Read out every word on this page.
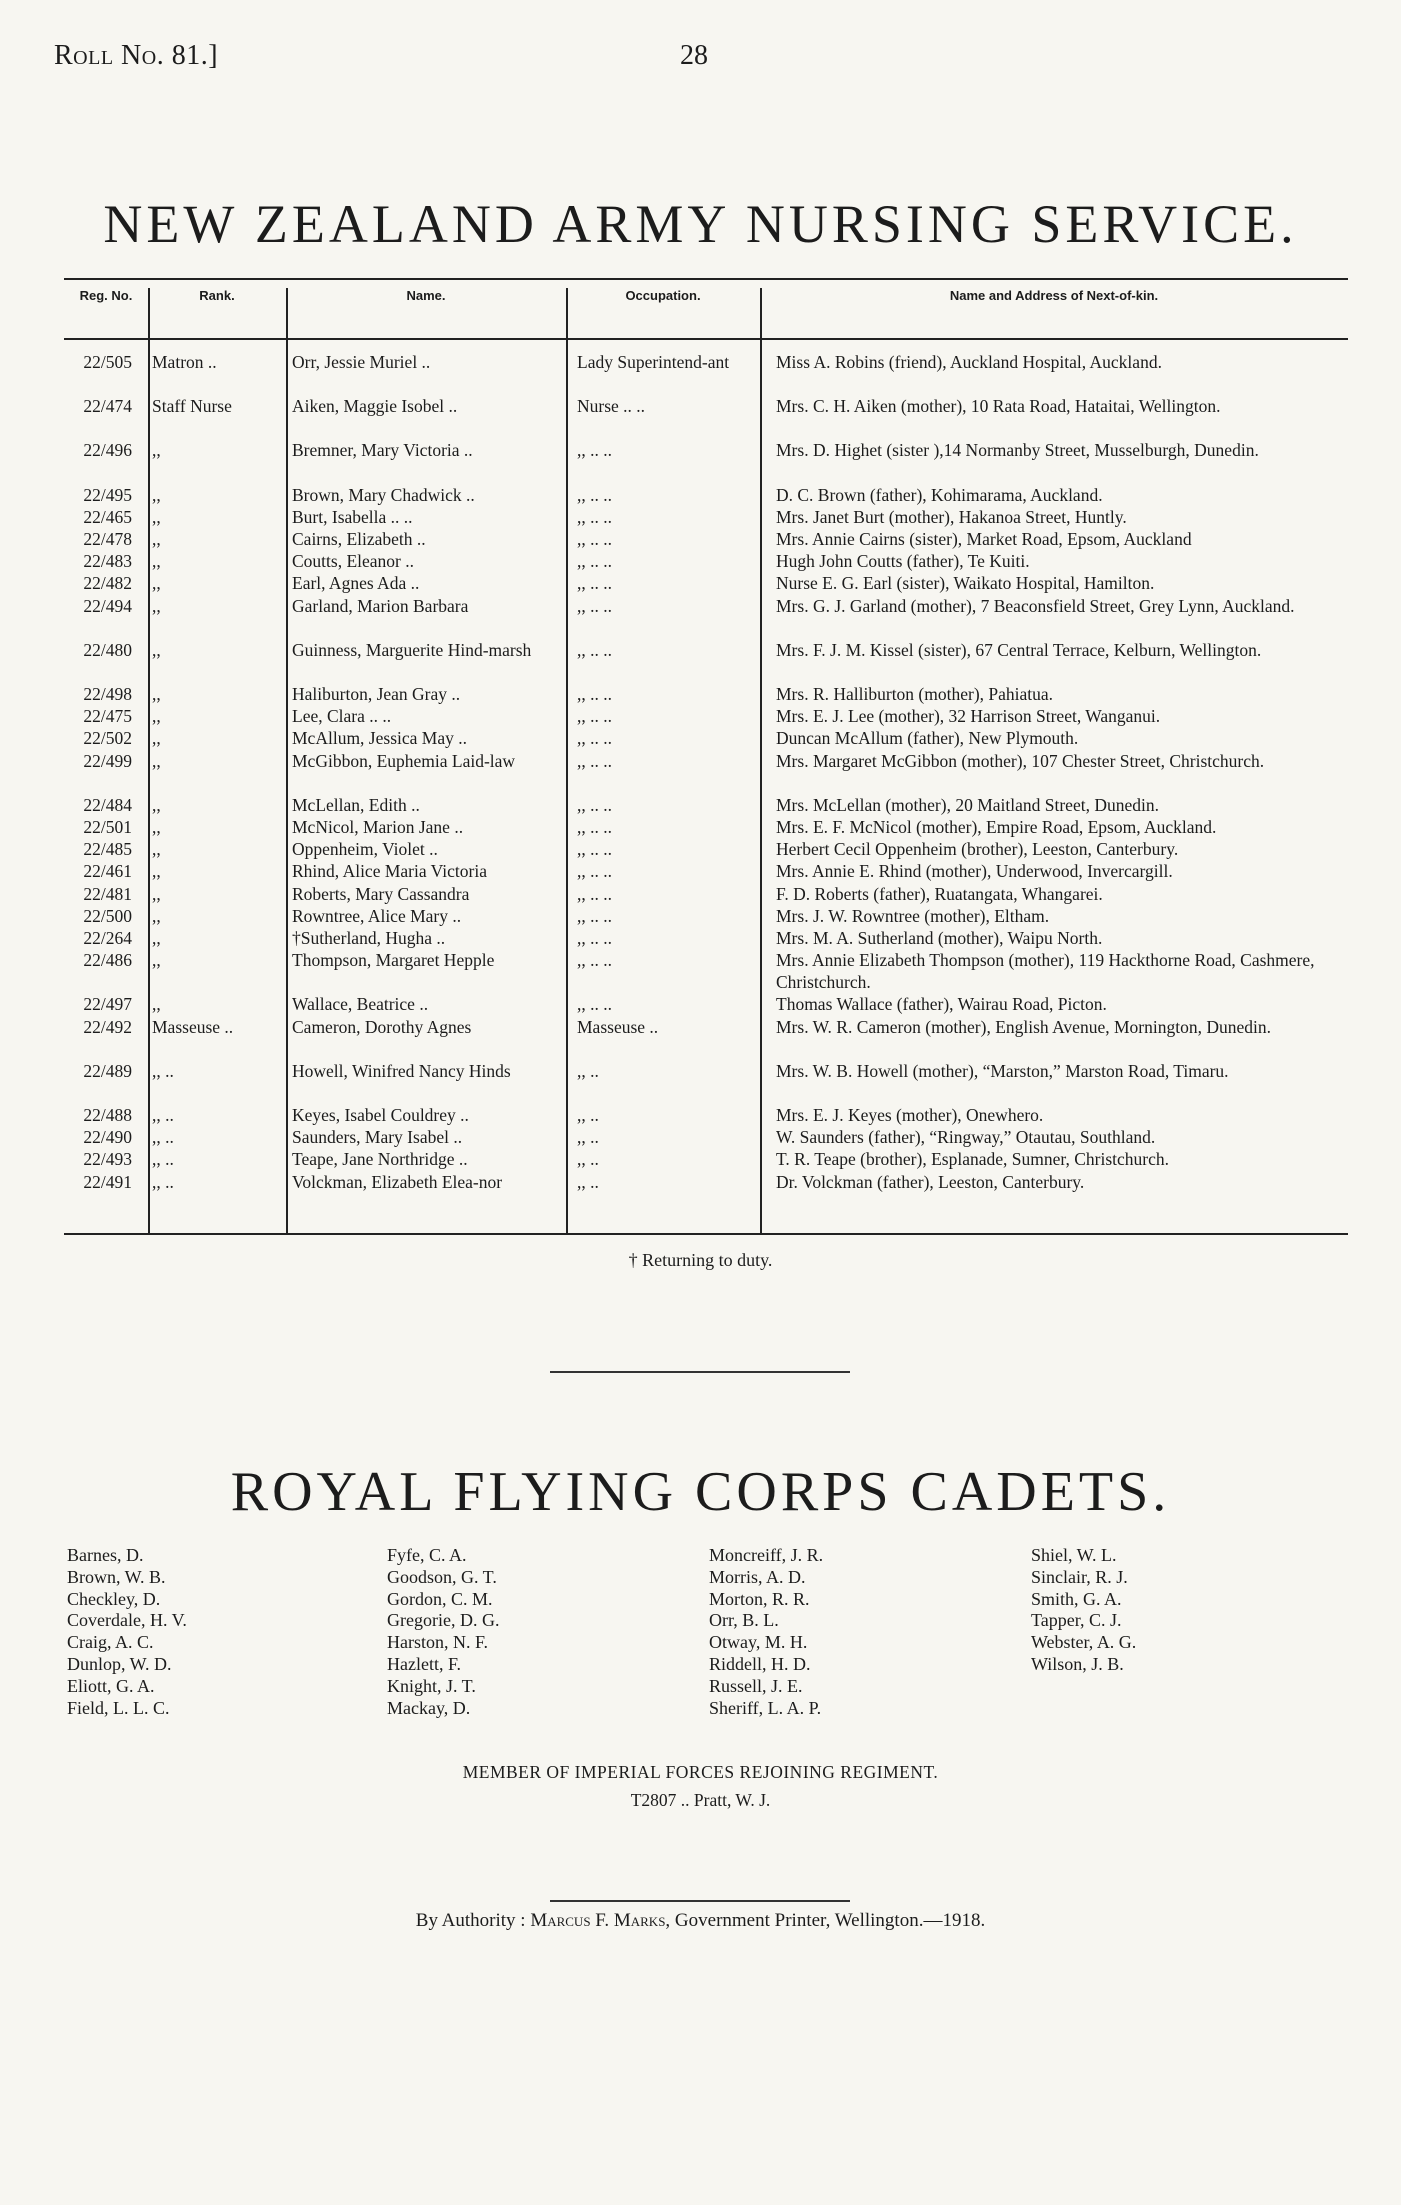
Roll No. 81.]	28
NEW ZEALAND ARMY NURSING SERVICE.
Reg. No.	Rank.	Name.	Occupation.	Name and Address of Next-of-kin.
22/505 Matron ..	Orr, Jessie Muriel ..	Lady Superintend-ant	Miss A. Robins (friend), Auckland Hospital, Auckland.
22/474 Staff Nurse	Aiken, Maggie Isobel ..	Nurse .. ..	Mrs. C. H. Aiken (mother), 10 Rata Road, Hataitai, Wellington.
22/496 ,,	Bremner, Mary Victoria ..	,, .. ..	Mrs. D. Highet (sister ),14 Normanby Street, Musselburgh, Dunedin.
22/495 ,,	Brown, Mary Chadwick ..	,, .. ..	D. C. Brown (father), Kohimarama, Auckland.
22/465 ,,	Burt, Isabella .. ..	,, .. ..	Mrs. Janet Burt (mother), Hakanoa Street, Huntly.
22/478 ,,	Cairns, Elizabeth ..	,, .. ..	Mrs. Annie Cairns (sister), Market Road, Epsom, Auckland
22/483 ,,	Coutts, Eleanor ..	,, .. ..	Hugh John Coutts (father), Te Kuiti.
22/482 ,,	Earl, Agnes Ada ..	,, .. ..	Nurse E. G. Earl (sister), Waikato Hospital, Hamilton.
22/494 ,,	Garland, Marion Barbara	,, .. ..	Mrs. G. J. Garland (mother), 7 Beaconsfield Street, Grey Lynn, Auckland.
22/480 ,,	Guinness, Marguerite Hind-marsh	,, .. ..	Mrs. F. J. M. Kissel (sister), 67 Central Terrace, Kelburn, Wellington.
22/498 ,,	Haliburton, Jean Gray ..	,, .. ..	Mrs. R. Halliburton (mother), Pahiatua.
22/475 ,,	Lee, Clara .. ..	,, .. ..	Mrs. E. J. Lee (mother), 32 Harrison Street, Wanganui.
22/502 ,,	McAllum, Jessica May ..	,, .. ..	Duncan McAllum (father), New Plymouth.
22/499 ,,	McGibbon, Euphemia Laid-law	,, .. ..	Mrs. Margaret McGibbon (mother), 107 Chester Street, Christchurch.
22/484 ,,	McLellan, Edith ..	,, .. ..	Mrs. McLellan (mother), 20 Maitland Street, Dunedin.
22/501 ,,	McNicol, Marion Jane ..	,, .. ..	Mrs. E. F. McNicol (mother), Empire Road, Epsom, Auckland.
22/485 ,,	Oppenheim, Violet ..	,, .. ..	Herbert Cecil Oppenheim (brother), Leeston, Canterbury.
22/461 ,,	Rhind, Alice Maria Victoria	,, .. ..	Mrs. Annie E. Rhind (mother), Underwood, Invercargill.
22/481 ,,	Roberts, Mary Cassandra	,, .. ..	F. D. Roberts (father), Ruatangata, Whangarei.
22/500 ,,	Rowntree, Alice Mary ..	,, .. ..	Mrs. J. W. Rowntree (mother), Eltham.
22/264 ,,	†Sutherland, Hugha ..	,, .. ..	Mrs. M. A. Sutherland (mother), Waipu North.
22/486 ,,	Thompson, Margaret Hepple	,, .. ..	Mrs. Annie Elizabeth Thompson (mother), 119 Hackthorne Road, Cashmere, Christchurch.
22/497 ,,	Wallace, Beatrice ..	,, .. ..	Thomas Wallace (father), Wairau Road, Picton.
22/492 Masseuse ..	Cameron, Dorothy Agnes	Masseuse ..	Mrs. W. R. Cameron (mother), English Avenue, Mornington, Dunedin.
22/489 ,, ..	Howell, Winifred Nancy Hinds	,, ..	Mrs. W. B. Howell (mother), “Marston,” Marston Road, Timaru.
22/488 ,, ..	Keyes, Isabel Couldrey ..	,, ..	Mrs. E. J. Keyes (mother), Onewhero.
22/490 ,, ..	Saunders, Mary Isabel ..	,, ..	W. Saunders (father), “Ringway,” Otautau, Southland.
22/493 ,, ..	Teape, Jane Northridge ..	,, ..	T. R. Teape (brother), Esplanade, Sumner, Christchurch.
22/491 ,, ..	Volckman, Elizabeth Elea-nor	,, ..	Dr. Volckman (father), Leeston, Canterbury.
† Returning to duty.
ROYAL FLYING CORPS CADETS.
Barnes, D.
Brown, W. B.
Checkley, D.
Coverdale, H. V.
Craig, A. C.
Dunlop, W. D.
Eliott, G. A.
Field, L. L. C.
Fyfe, C. A.
Goodson, G. T.
Gordon, C. M.
Gregorie, D. G.
Harston, N. F.
Hazlett, F.
Knight, J. T.
Mackay, D.
Moncreiff, J. R.
Morris, A. D.
Morton, R. R.
Orr, B. L.
Otway, M. H.
Riddell, H. D.
Russell, J. E.
Sheriff, L. A. P.
Shiel, W. L.
Sinclair, R. J.
Smith, G. A.
Tapper, C. J.
Webster, A. G.
Wilson, J. B.
MEMBER OF IMPERIAL FORCES REJOINING REGIMENT.
T2807 .. Pratt, W. J.
By Authority : Marcus F. Marks, Government Printer, Wellington.—1918.
